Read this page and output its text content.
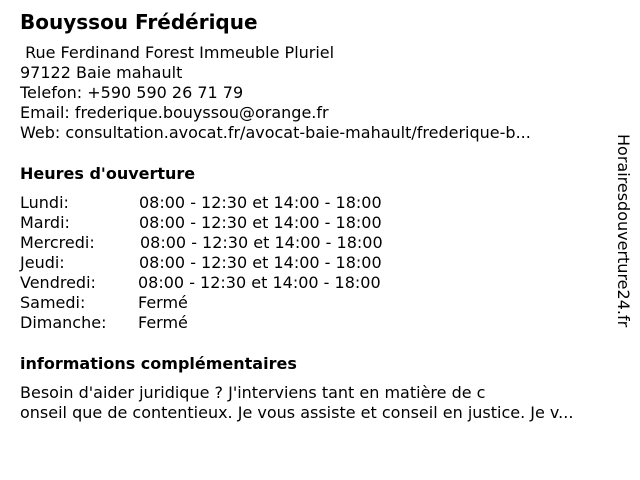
Bouyssou Frédérique
Rue Ferdinand Forest Immeuble Pluriel
97122 Baie mahault
Telefon: +590 590 26 71 79
Email: frederique.bouyssou@orange.fr
Web: consultation.avocat.fr/avocat-baie-mahault/frederique-b...
Heures d'ouverture
Lundi:	08:00 - 12:30 et 14:00 - 18:00
Mardi:	08:00 - 12:30 et 14:00 - 18:00
Mercredi:	08:00 - 12:30 et 14:00 - 18:00
Jeudi:	08:00 - 12:30 et 14:00 - 18:00
Vendredi:	08:00 - 12:30 et 14:00 - 18:00
Samedi:	Fermé
Dimanche: Fermé
informations complémentaires
Besoin d'aider juridique ? J'interviens tant en matière de c
onseil que de contentieux. Je vous assiste et conseil en justice. Je v...
Horairesdouverture24.fr
